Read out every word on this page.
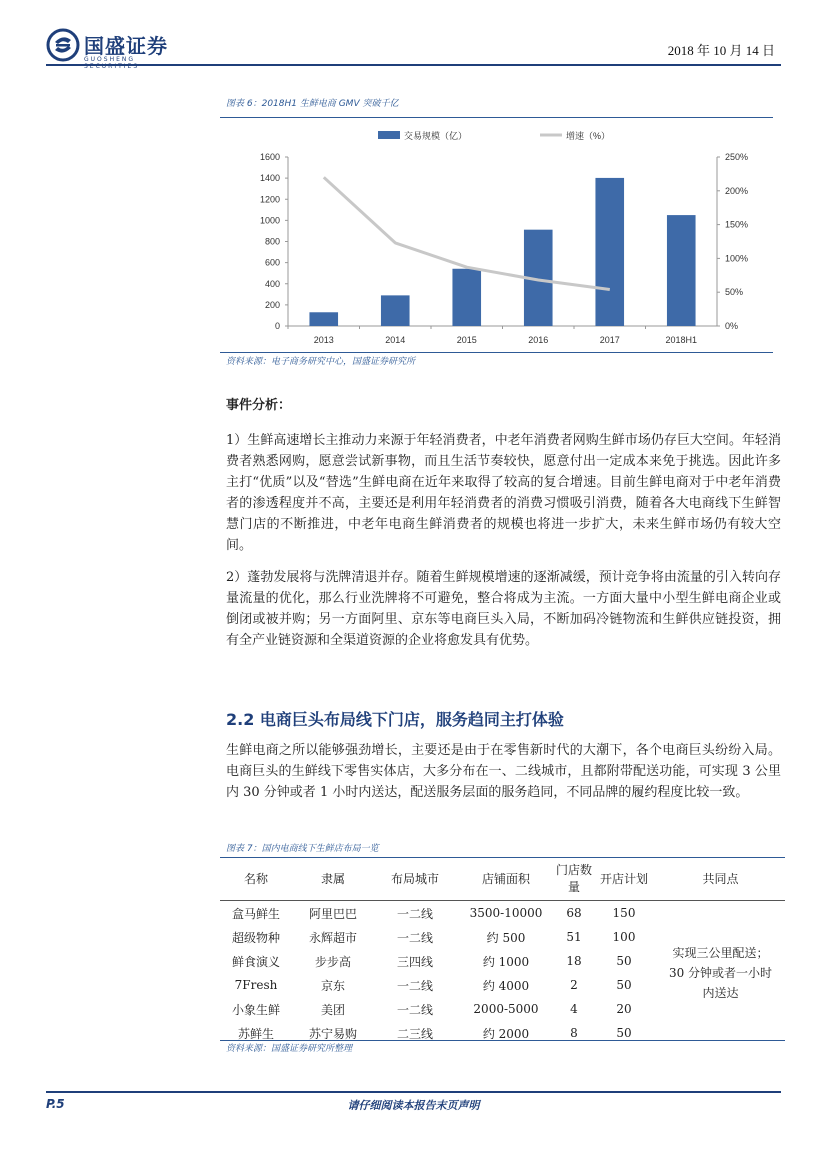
国盛证券
GUOSHENG SECURITIES
2018 年 10 月 14 日
图表 6：2018H1 生鲜电商 GMV 突破千亿
交易规模（亿）	增速（%）
0
200
400
600
800
1000
1200
1400
1600
0%
50%
100%
150%
200%
250%
2013	2014	2015	2016	2017	2018H1
资料来源：电子商务研究中心，国盛证券研究所
事件分析：
1）生鲜高速增长主推动力来源于年轻消费者，中老年消费者网购生鲜市场仍存巨大空间。年轻消费者熟悉网购，愿意尝试新事物，而且生活节奏较快，愿意付出一定成本来免于挑选。因此许多主打“优质”以及“替选”生鲜电商在近年来取得了较高的复合增速。目前生鲜电商对于中老年消费者的渗透程度并不高，主要还是利用年轻消费者的消费习惯吸引消费，随着各大电商线下生鲜智慧门店的不断推进，中老年电商生鲜消费者的规模也将进一步扩大，未来生鲜市场仍有较大空间。
2）蓬勃发展将与洗牌清退并存。随着生鲜规模增速的逐渐减缓，预计竞争将由流量的引入转向存量流量的优化，那么行业洗牌将不可避免，整合将成为主流。一方面大量中小型生鲜电商企业或倒闭或被并购；另一方面阿里、京东等电商巨头入局，不断加码冷链物流和生鲜供应链投资，拥有全产业链资源和全渠道资源的企业将愈发具有优势。
2.2 电商巨头布局线下门店，服务趋同主打体验
生鲜电商之所以能够强劲增长，主要还是由于在零售新时代的大潮下，各个电商巨头纷纷入局。电商巨头的生鲜线下零售实体店，大多分布在一、二线城市，且都附带配送功能，可实现 3 公里内 30 分钟或者 1 小时内送达，配送服务层面的服务趋同，不同品牌的履约程度比较一致。
图表 7：国内电商线下生鲜店布局一览
名称	隶属	布局城市	店铺面积	门店数量	开店计划	共同点
盒马鲜生	阿里巴巴	一二线	3500-10000	68	150	实现三公里配送；30 分钟或者一小时内送达
超级物种	永辉超市	一二线	约 500	51	100	
鲜食演义	步步高	三四线	约 1000	18	50	
7Fresh	京东	一二线	约 4000	2	50	
小象生鲜	美团	一二线	2000-5000	4	20	
苏鲜生	苏宁易购	二三线	约 2000	8	50	
资料来源：国盛证券研究所整理
P.5	请仔细阅读本报告末页声明
